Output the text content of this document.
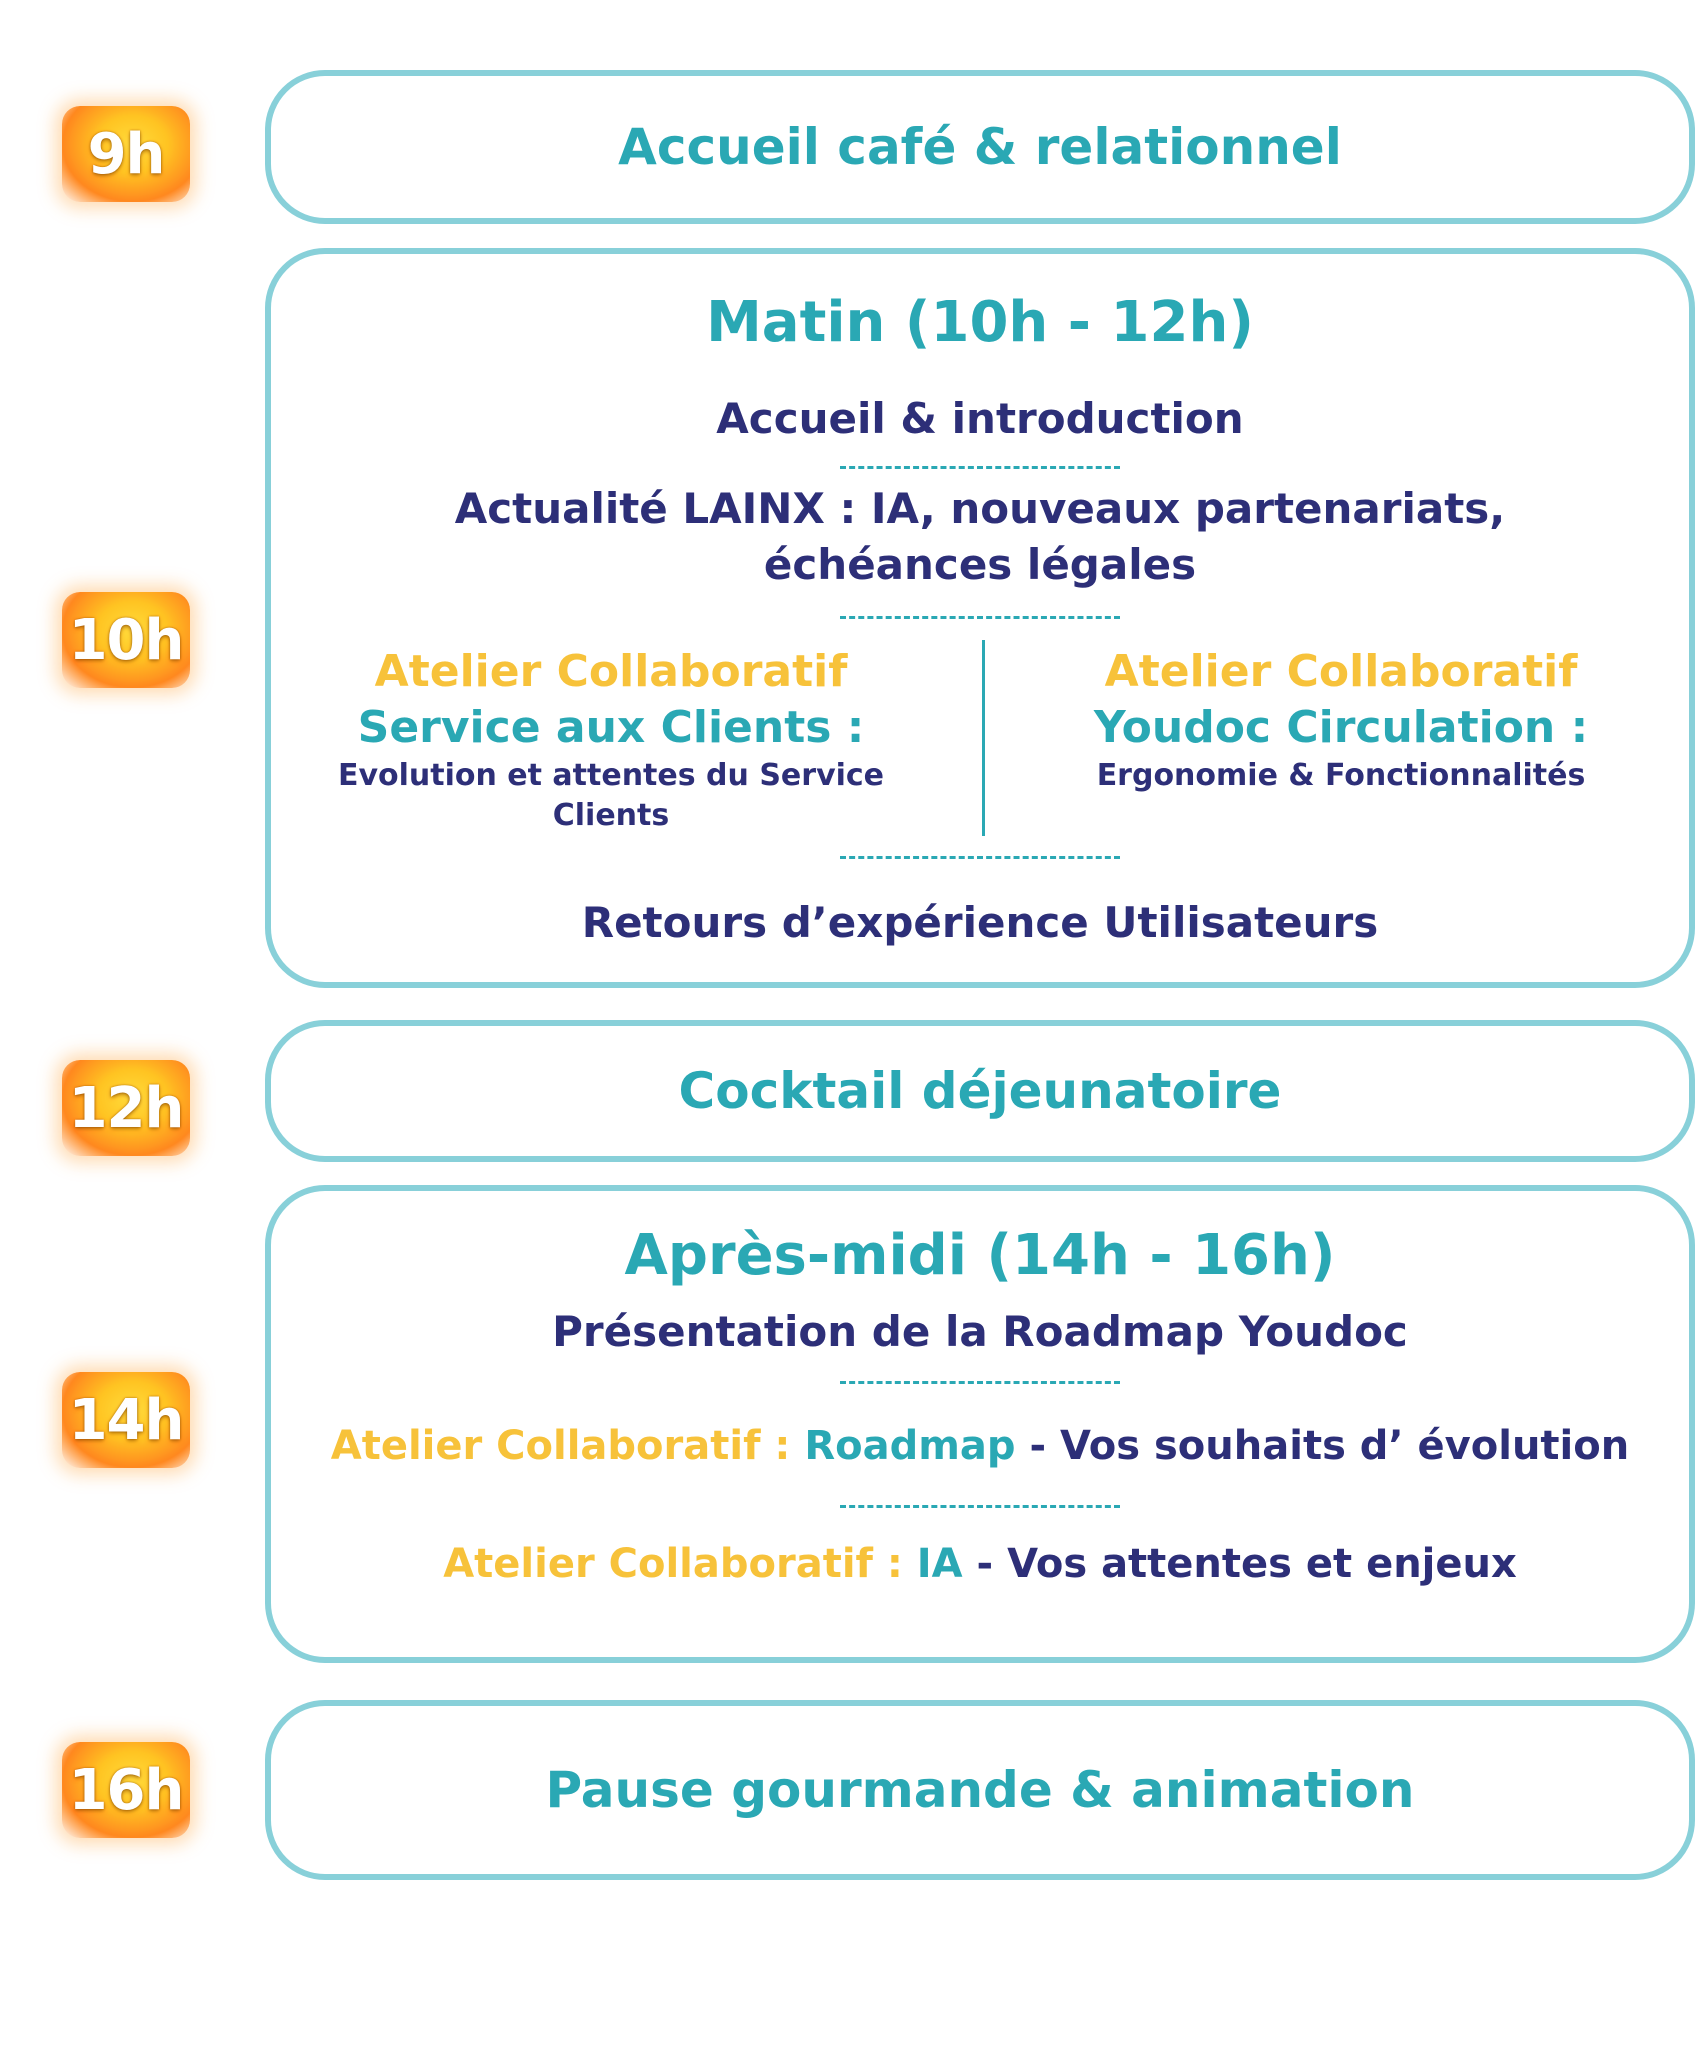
9h
10h
12h
14h
16h
Accueil café & relationnel
Matin (10h - 12h)
Accueil & introduction
Actualité LAINX : IA, nouveaux partenariats,
échéances légales
Atelier Collaboratif
Service aux Clients :
Evolution et attentes du Service
Clients
Atelier Collaboratif
Youdoc Circulation :
Ergonomie & Fonctionnalités
Retours d’expérience Utilisateurs
Cocktail déjeunatoire
Après-midi (14h - 16h)
Présentation de la Roadmap Youdoc
Atelier Collaboratif : Roadmap - Vos souhaits d’ évolution
Atelier Collaboratif : IA - Vos attentes et enjeux
Pause gourmande & animation
